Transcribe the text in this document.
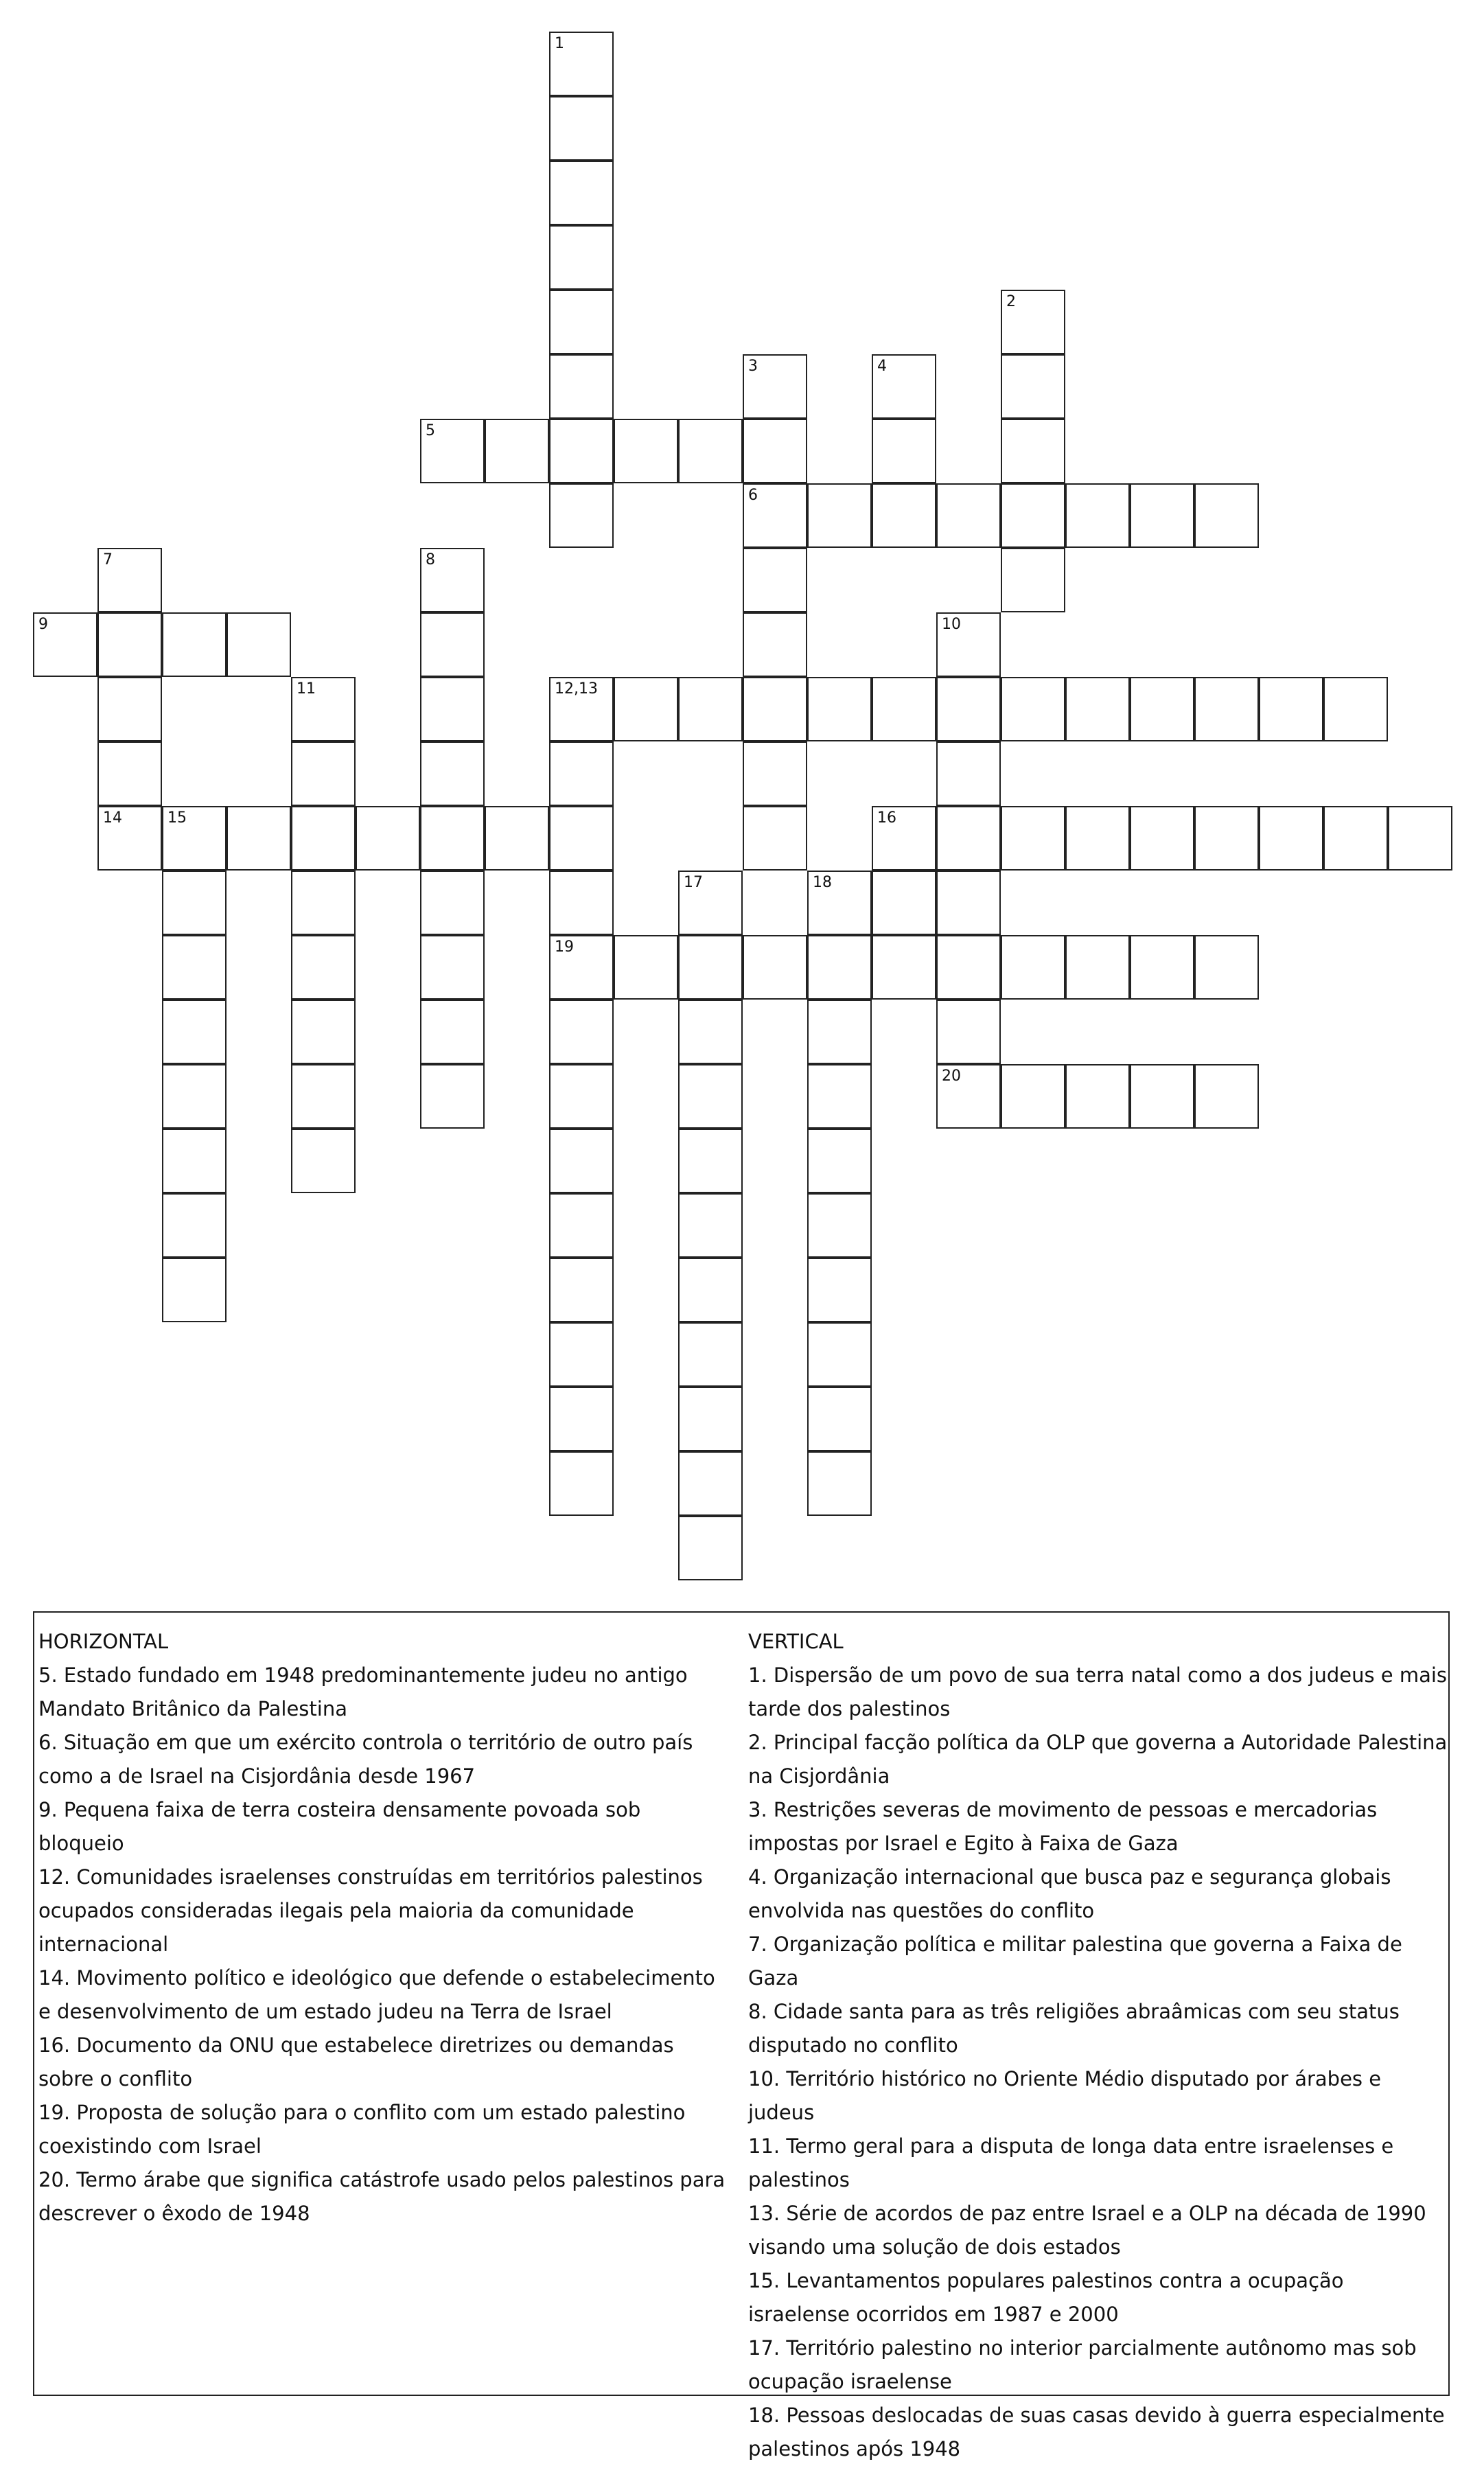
1
2
3	4
5
6
7	8
9	10
11	12,13
14	15	16
17	18
19
20
HORIZONTAL

5. Estado fundado em 1948 predominantemente judeu no antigo Mandato Britânico da Palestina

6. Situação em que um exército controla o território de outro país como a de Israel na Cisjordânia desde 1967

9. Pequena faixa de terra costeira densamente povoada sob bloqueio

12. Comunidades israelenses construídas em territórios palestinos ocupados consideradas ilegais pela maioria da comunidade internacional

14. Movimento político e ideológico que defende o estabelecimento e desenvolvimento de um estado judeu na Terra de Israel

16. Documento da ONU que estabelece diretrizes ou demandas sobre o conflito

19. Proposta de solução para o conflito com um estado palestino coexistindo com Israel

20. Termo árabe que significa catástrofe usado pelos palestinos para descrever o êxodo de 1948

VERTICAL

1. Dispersão de um povo de sua terra natal como a dos judeus e mais tarde dos palestinos

2. Principal facção política da OLP que governa a Autoridade Palestina na Cisjordânia

3. Restrições severas de movimento de pessoas e mercadorias impostas por Israel e Egito à Faixa de Gaza

4. Organização internacional que busca paz e segurança globais envolvida nas questões do conflito

7. Organização política e militar palestina que governa a Faixa de Gaza

8. Cidade santa para as três religiões abraâmicas com seu status disputado no conflito

10. Território histórico no Oriente Médio disputado por árabes e judeus

11. Termo geral para a disputa de longa data entre israelenses e palestinos

13. Série de acordos de paz entre Israel e a OLP na década de 1990 visando uma solução de dois estados

15. Levantamentos populares palestinos contra a ocupação israelense ocorridos em 1987 e 2000

17. Território palestino no interior parcialmente autônomo mas sob ocupação israelense

18. Pessoas deslocadas de suas casas devido à guerra especialmente palestinos após 1948
